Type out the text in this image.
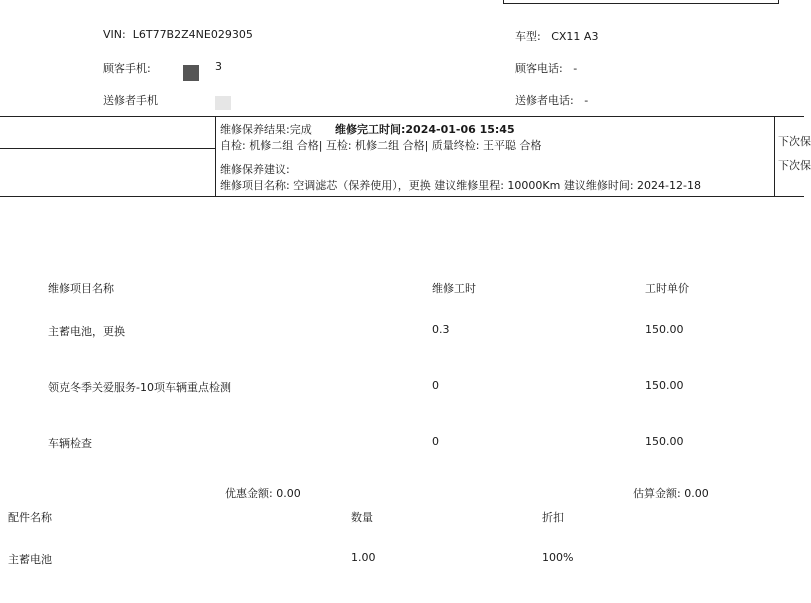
VIN: L6T77B2Z4NE029305	车型: CX11 A3
顾客手机:	3	顾客电话: -
送修者手机	送修者电话: -
维修保养结果:完成 维修完工时间:2024-01-06 15:45
自检: 机修二组 合格| 互检: 机修二组 合格| 质量终检: 王平聪 合格
维修保养建议:
维修项目名称: 空调滤芯（保养使用），更换 建议维修里程: 10000Km 建议维修时间: 2024-12-18
下次保
下次保
维修项目名称	维修工时	工时单价
主蓄电池，更换	0.3	150.00
领克冬季关爱服务-10项车辆重点检测	0	150.00
车辆检查	0	150.00
优惠金额: 0.00	估算金额: 0.00
配件名称	数量	折扣
主蓄电池	1.00	100%
